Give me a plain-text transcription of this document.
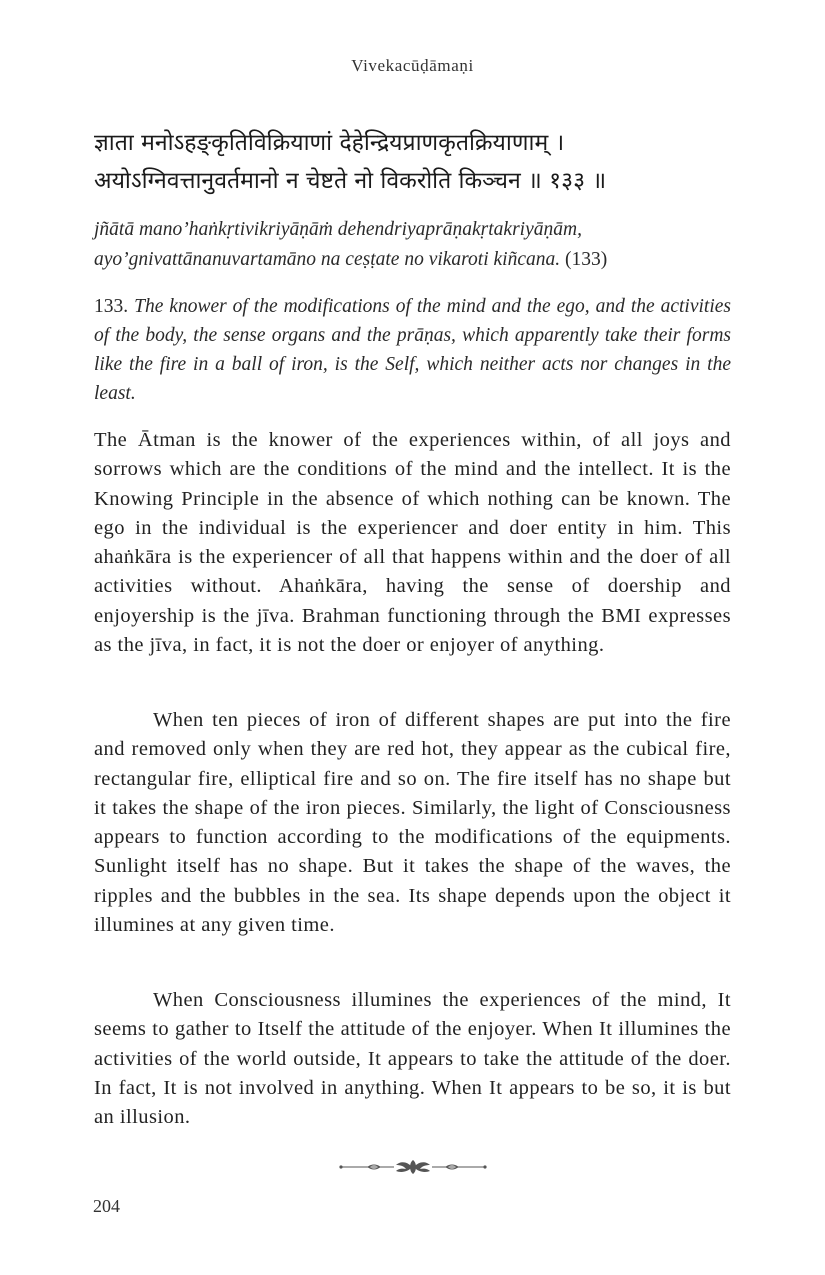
Vivekacūḍāmaṇi
ज्ञाता मनोऽहङ्कृतिविक्रियाणां देहेन्द्रियप्राणकृतक्रियाणाम् ।
अयोऽग्निवत्तानुवर्तमानो न चेष्टते नो विकरोति किञ्चन ॥ १३३ ॥
jñātā mano’haṅkṛtivikriyāṇāṁ dehendriyaprāṇakṛtakriyāṇām,
ayo’gnivattānanuvartamāno na ceṣṭate no vikaroti kiñcana. (133)
133. The knower of the modifications of the mind and the ego, and the activities of the body, the sense organs and the prāṇas, which apparently take their forms like the fire in a ball of iron, is the Self, which neither acts nor changes in the least.

The Ātman is the knower of the experiences within, of all joys and sorrows which are the conditions of the mind and the intellect. It is the Knowing Principle in the absence of which nothing can be known. The ego in the individual is the experiencer and doer entity in him. This ahaṅkāra is the experiencer of all that happens within and the doer of all activities without. Ahaṅkāra, having the sense of doership and enjoyership is the jīva. Brahman functioning through the BMI expresses as the jīva, in fact, it is not the doer or enjoyer of anything.

When ten pieces of iron of different shapes are put into the fire and removed only when they are red hot, they appear as the cubical fire, rectangular fire, elliptical fire and so on. The fire itself has no shape but it takes the shape of the iron pieces. Similarly, the light of Consciousness appears to function according to the modifications of the equipments. Sunlight itself has no shape. But it takes the shape of the waves, the ripples and the bubbles in the sea. Its shape depends upon the object it illumines at any given time.

When Consciousness illumines the experiences of the mind, It seems to gather to Itself the attitude of the enjoyer. When It illumines the activities of the world outside, It appears to take the attitude of the doer. In fact, It is not involved in anything. When It appears to be so, it is but an illusion.

204
